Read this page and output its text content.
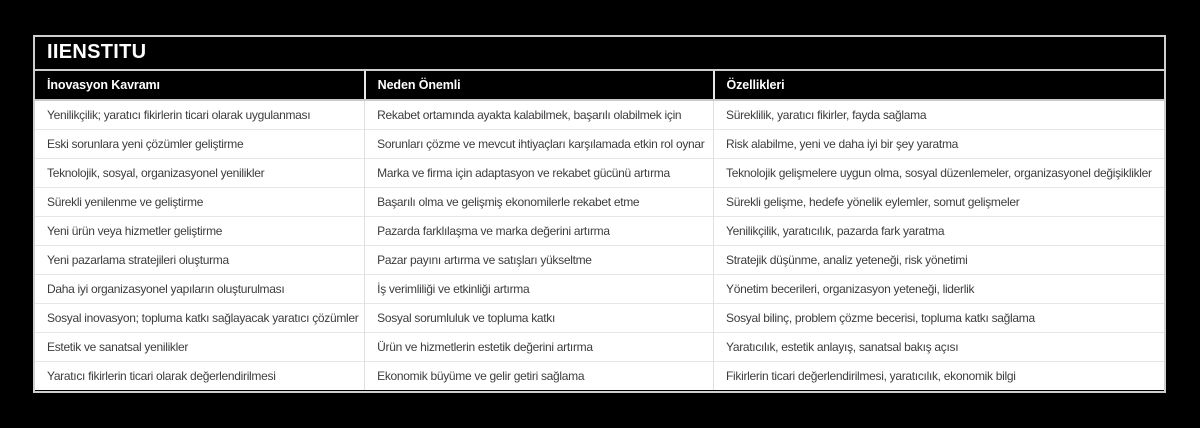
IIENSTITU
İnovasyon Kavramı	Neden Önemli	Özellikleri
Yenilikçilik; yaratıcı fikirlerin ticari olarak uygulanması	Rekabet ortamında ayakta kalabilmek, başarılı olabilmek için	Süreklilik, yaratıcı fikirler, fayda sağlama
Eski sorunlara yeni çözümler geliştirme	Sorunları çözme ve mevcut ihtiyaçları karşılamada etkin rol oynar	Risk alabilme, yeni ve daha iyi bir şey yaratma
Teknolojik, sosyal, organizasyonel yenilikler	Marka ve firma için adaptasyon ve rekabet gücünü artırma	Teknolojik gelişmelere uygun olma, sosyal düzenlemeler, organizasyonel değişiklikler
Sürekli yenilenme ve geliştirme	Başarılı olma ve gelişmiş ekonomilerle rekabet etme	Sürekli gelişme, hedefe yönelik eylemler, somut gelişmeler
Yeni ürün veya hizmetler geliştirme	Pazarda farklılaşma ve marka değerini artırma	Yenilikçilik, yaratıcılık, pazarda fark yaratma
Yeni pazarlama stratejileri oluşturma	Pazar payını artırma ve satışları yükseltme	Stratejik düşünme, analiz yeteneği, risk yönetimi
Daha iyi organizasyonel yapıların oluşturulması	İş verimliliği ve etkinliği artırma	Yönetim becerileri, organizasyon yeteneği, liderlik
Sosyal inovasyon; topluma katkı sağlayacak yaratıcı çözümler	Sosyal sorumluluk ve topluma katkı	Sosyal bilinç, problem çözme becerisi, topluma katkı sağlama
Estetik ve sanatsal yenilikler	Ürün ve hizmetlerin estetik değerini artırma	Yaratıcılık, estetik anlayış, sanatsal bakış açısı
Yaratıcı fikirlerin ticari olarak değerlendirilmesi	Ekonomik büyüme ve gelir getiri sağlama	Fikirlerin ticari değerlendirilmesi, yaratıcılık, ekonomik bilgi
